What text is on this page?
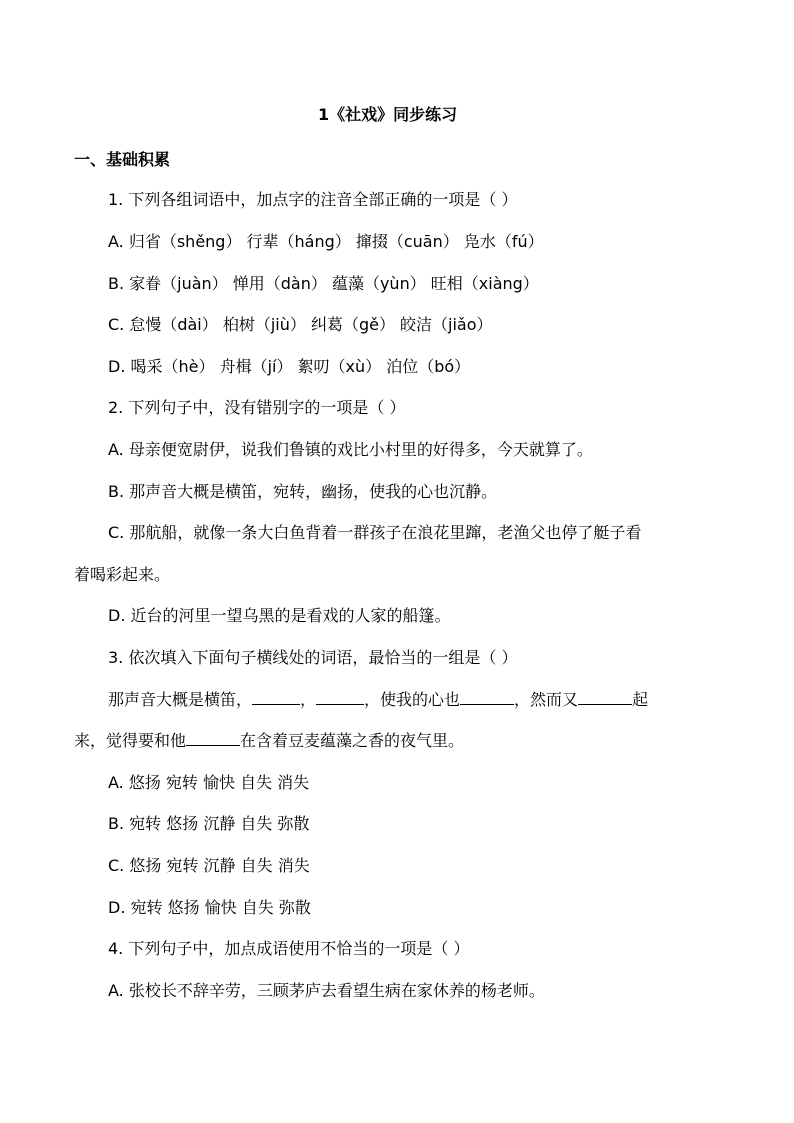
1《社戏》同步练习
一、基础积累
1. 下列各组词语中，加点字的注音全部正确的一项是（ ）
A. 归省（shěng） 行辈（háng） 撺掇（cuān） 凫水（fú）
B. 家眷（juàn） 惮用（dàn） 蕴藻（yùn） 旺相（xiàng）
C. 怠慢（dài） 桕树（jiù） 纠葛（gě） 皎洁（jiǎo）
D. 喝采（hè） 舟楫（jí） 絮叨（xù） 泊位（bó）
2. 下列句子中，没有错别字的一项是（ ）
A. 母亲便宽尉伊，说我们鲁镇的戏比小村里的好得多，今天就算了。
B. 那声音大概是横笛，宛转，幽扬，使我的心也沉静。
C. 那航船，就像一条大白鱼背着一群孩子在浪花里蹿，老渔父也停了艇子看
着喝彩起来。
D. 近台的河里一望乌黑的是看戏的人家的船篷。
3. 依次填入下面句子横线处的词语，最恰当的一组是（ ）
那声音大概是横笛，	，	，使我的心也	，然而又	起
来，觉得要和他	在含着豆麦蕴藻之香的夜气里。
A. 悠扬 宛转 愉快 自失 消失
B. 宛转 悠扬 沉静 自失 弥散
C. 悠扬 宛转 沉静 自失 消失
D. 宛转 悠扬 愉快 自失 弥散
4. 下列句子中，加点成语使用不恰当的一项是（ ）
A. 张校长不辞辛劳，三顾茅庐去看望生病在家休养的杨老师。
